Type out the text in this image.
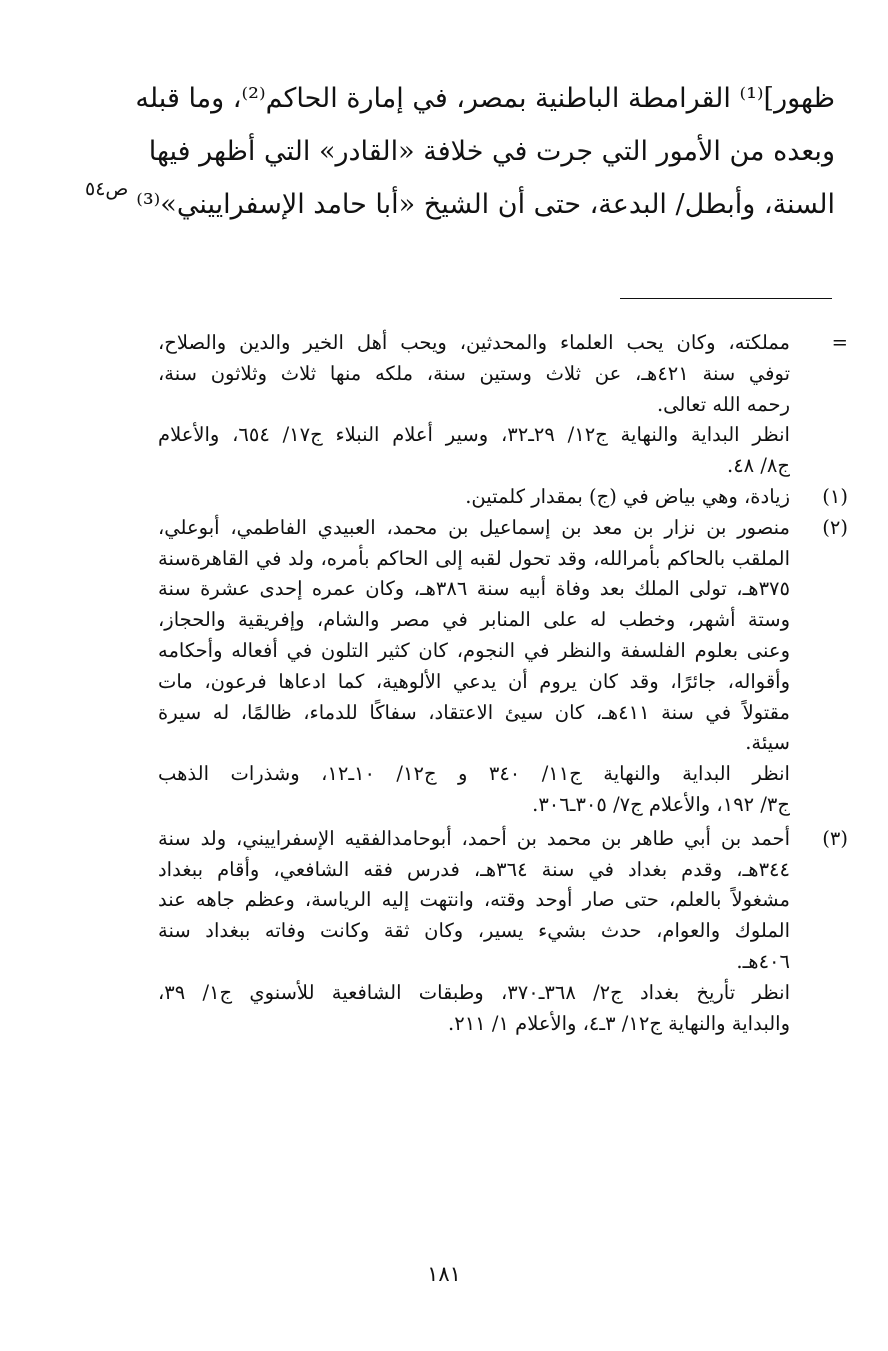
ظهور]⁽¹⁾ القرامطة الباطنية بمصر، في إمارة الحاكم⁽²⁾، وما قبله
وبعده من الأمور التي جرت في خلافة «القادر» التي أظهر فيها
السنة، وأبطل/ البدعة، حتى أن الشيخ «أبا حامد الإسفراييني»⁽³⁾
ص٥٤
=
مملكته، وكان يحب العلماء والمحدثين، ويحب أهل الخير والدين والصلاح،
توفي سنة ٤٢١هـ، عن ثلاث وستين سنة، ملكه منها ثلاث وثلاثون سنة،
رحمه الله تعالى.
انظر البداية والنهاية ج١٢/ ٢٩ـ٣٢، وسير أعلام النبلاء ج١٧/ ٦٥٤، والأعلام
ج٨/ ٤٨.
(١)
زيادة، وهي بياض في (ج) بمقدار كلمتين.
(٢)
منصور بن نزار بن معد بن إسماعيل بن محمد، العبيدي الفاطمي، أبوعلي،
الملقب بالحاكم بأمرالله، وقد تحول لقبه إلى الحاكم بأمره، ولد في القاهرةسنة
٣٧٥هـ، تولى الملك بعد وفاة أبيه سنة ٣٨٦هـ، وكان عمره إحدى عشرة سنة
وستة أشهر، وخطب له على المنابر في مصر والشام، وإفريقية والحجاز،
وعنى بعلوم الفلسفة والنظر في النجوم، كان كثير التلون في أفعاله وأحكامه
وأقواله، جائرًا، وقد كان يروم أن يدعي الألوهية، كما ادعاها فرعون، مات
مقتولاً في سنة ٤١١هـ، كان سيئ الاعتقاد، سفاكًا للدماء، ظالمًا، له سيرة
سيئة.
انظر البداية والنهاية ج١١/ ٣٤٠ و ج١٢/ ١٠ـ١٢، وشذرات الذهب
ج٣/ ١٩٢، والأعلام ج٧/ ٣٠٥ـ٣٠٦.
(٣)
أحمد بن أبي طاهر بن محمد بن أحمد، أبوحامدالفقيه الإسفراييني، ولد سنة
٣٤٤هـ، وقدم بغداد في سنة ٣٦٤هـ، فدرس فقه الشافعي، وأقام ببغداد
مشغولاً بالعلم، حتى صار أوحد وقته، وانتهت إليه الرياسة، وعظم جاهه عند
الملوك والعوام، حدث بشيء يسير، وكان ثقة وكانت وفاته ببغداد سنة
٤٠٦هـ.
انظر تأريخ بغداد ج٢/ ٣٦٨ـ٣٧٠، وطبقات الشافعية للأسنوي ج١/ ٣٩،
والبداية والنهاية ج١٢/ ٣ـ٤، والأعلام ١/ ٢١١.
١٨١
